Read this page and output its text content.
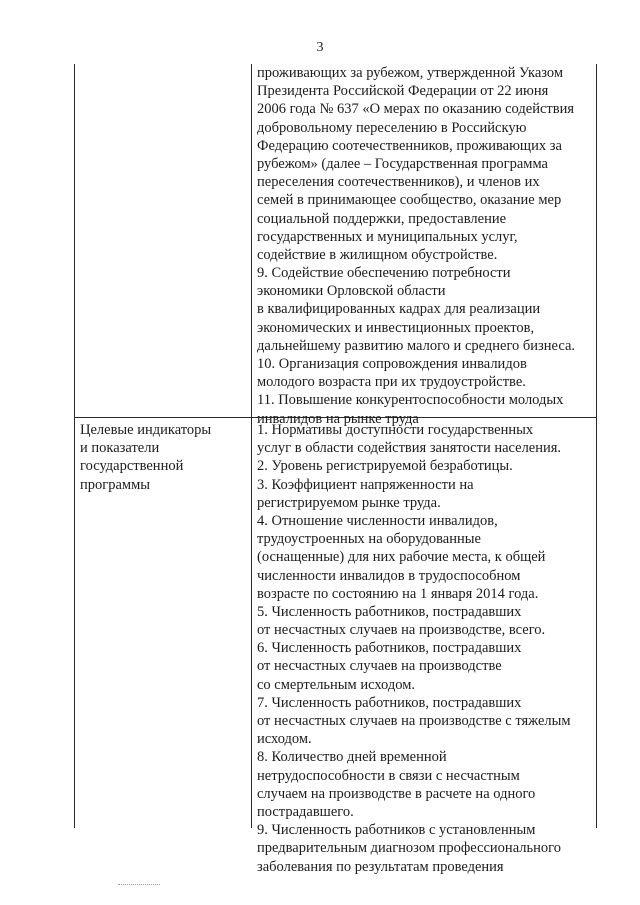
3
проживающих за рубежом, утвержденной Указом
Президента Российской Федерации от 22 июня
2006 года № 637 «О мерах по оказанию содействия
добровольному переселению в Российскую
Федерацию соотечественников, проживающих за
рубежом» (далее – Государственная программа
переселения соотечественников), и членов их
семей в принимающее сообщество, оказание мер
социальной поддержки, предоставление
государственных и муниципальных услуг,
содействие в жилищном обустройстве.
9. Содействие обеспечению потребности
экономики Орловской области
в квалифицированных кадрах для реализации
экономических и инвестиционных проектов,
дальнейшему развитию малого и среднего бизнеса.
10. Организация сопровождения инвалидов
молодого возраста при их трудоустройстве.
11. Повышение конкурентоспособности молодых
инвалидов на рынке труда
Целевые индикаторы
и показатели
государственной
программы
1. Нормативы доступности государственных
услуг в области содействия занятости населения.
2. Уровень регистрируемой безработицы.
3. Коэффициент напряженности на
регистрируемом рынке труда.
4. Отношение численности инвалидов,
трудоустроенных на оборудованные
(оснащенные) для них рабочие места, к общей
численности инвалидов в трудоспособном
возрасте по состоянию на 1 января 2014 года.
5. Численность работников, пострадавших
от несчастных случаев на производстве, всего.
6. Численность работников, пострадавших
от несчастных случаев на производстве
со смертельным исходом.
7. Численность работников, пострадавших
от несчастных случаев на производстве с тяжелым
исходом.
8. Количество дней временной
нетрудоспособности в связи с несчастным
случаем на производстве в расчете на одного
пострадавшего.
9. Численность работников с установленным
предварительным диагнозом профессионального
заболевания по результатам проведения
